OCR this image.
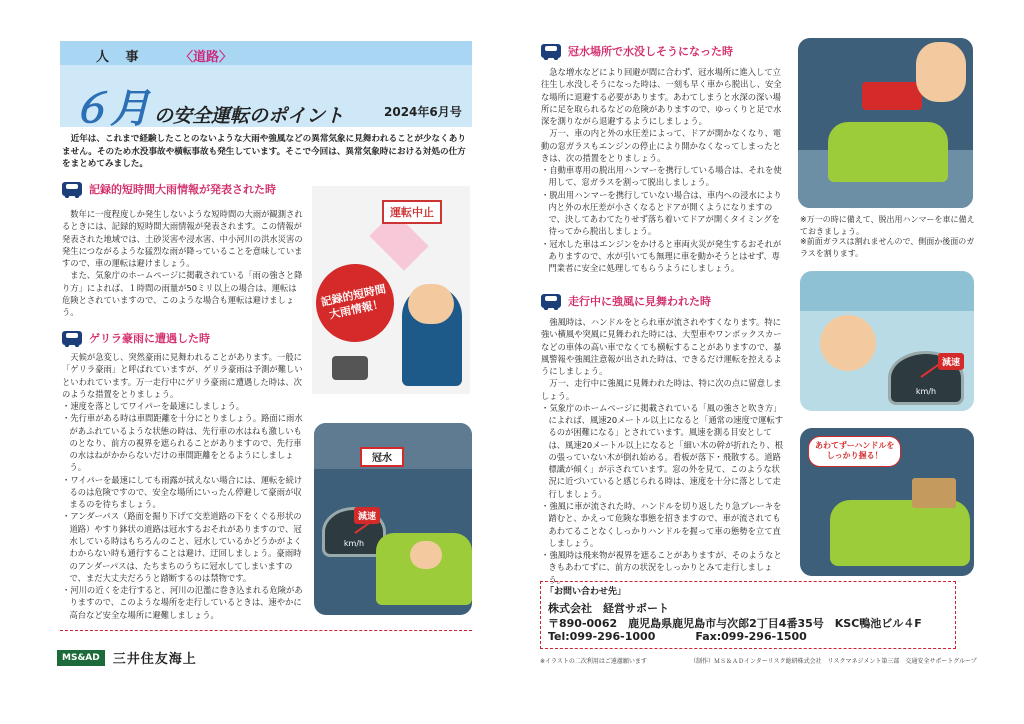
人 事	〈道路〉
６月 の安全運転のポイント	2024年6月号

近年は、これまで経験したことのないような大雨や強風などの異常気象に見舞われることが少なくありません。そのため水没事故や横転事故も発生しています。そこで今回は、異常気象時における対処の仕方をまとめてみました。

記録的短時間大雨情報が発表された時

数年に一度程度しか発生しないような短時間の大雨が観測されるときには、記録的短時間大雨情報が発表されます。この情報が発表された地域では、土砂災害や浸水害、中小河川の洪水災害の発生につながるような猛烈な雨が降っていることを意味していますので、車の運転は避けましょう。

また、気象庁のホームページに掲載されている「雨の強さと降り方」によれば、１時間の雨量が50ミリ以上の場合は、運転は危険とされていますので、このような場合も運転は避けましょう。

運転中止
記録的短時間
大雨情報！
ゲリラ豪雨に遭遇した時

天候が急変し、突然豪雨に見舞われることがあります。一般に「ゲリラ豪雨」と呼ばれていますが、ゲリラ豪雨は予測が難しいといわれています。万一走行中にゲリラ豪雨に遭遇した時は、次のような措置をとりましょう。

・ 速度を落としてワイパーを最速にしましょう。
・ 先行車がある時は車間距離を十分にとりましょう。路面に雨水があふれているような状態の時は、先行車の水はねも激しいものとなり、前方の視界を遮られることがありますので、先行車の水はねがかからないだけの車間距離をとるようにしましょう。
・ ワイパーを最速にしても雨露が拭えない場合には、運転を続けるのは危険ですので、安全な場所にいったん停避して豪雨が収まるのを待ちましょう。
・ アンダーパス（路面を掘り下げて交差道路の下をくぐる形状の道路）やすり鉢状の道路は冠水するおそれがありますので、冠水している時はもちろんのこと、冠水しているかどうかがよくわからない時も通行することは避け、迂回しましょう。豪雨時のアンダーパスは、たちまちのうちに冠水してしまいますので、まだ大丈夫だろうと踏断するのは禁物です。
・ 河川の近くを走行すると、河川の氾濫に巻き込まれる危険がありますので、このような場所を走行しているときは、速やかに高台など安全な場所に避難しましょう。
冠水
km/h
減速
MS&AD	三井住友海上
冠水場所で水没しそうになった時

急な増水などにより回避が間に合わず、冠水場所に進入して立往生し水没しそうになった時は、一刻も早く車から脱出し、安全な場所に退避する必要があります。あわてしまうと水深の深い場所に足を取られるなどの危険がありますので、ゆっくりと足で水深を測りながら退避するようにしましょう。

万一、車の内と外の水圧差によって、ドアが開かなくなり、電動の窓ガラスもエンジンの停止により開かなくなってしまったときは、次の措置をとりましょう。

・ 自動車専用の脱出用ハンマーを携行している場合は、それを使用して、窓ガラスを割って脱出しましょう。
・ 脱出用ハンマーを携行していない場合は、車内への浸水により内と外の水圧差が小さくなるとドアが開くようになりますので、決してあわてたりせず落ち着いてドアが開くタイミングを待ってから脱出しましょう。
・ 冠水した車はエンジンをかけると車両火災が発生するおそれがありますので、水が引いても無理に車を動かそうとはせず、専門業者に安全に処理してもらうようにしましょう。

※万一の時に備えて、脱出用ハンマーを車に備えておきましょう。

※前面ガラスは割れませんので、側面か後面のガラスを割ります。

走行中に強風に見舞われた時

強風時は、ハンドルをとられ車が流されやすくなります。特に強い横風や突風に見舞われた時には、大型車やワンボックスカーなどの車体の高い車でなくても横転することがありますので、暴風警報や強風注意報が出された時は、できるだけ運転を控えるようにしましょう。

万一、走行中に強風に見舞われた時は、特に次の点に留意しましょう。

・ 気象庁のホームページに掲載されている「風の強さと吹き方」によれば、風速20メートル以上になると「通常の速度で運転するのが困難になる」とされています。風速を測る目安としては、風速20メートル以上になると「細い木の幹が折れたり、根の張っていない木が倒れ始める。看板が落下・飛散する。道路標識が傾く」が示されています。窓の外を見て、このような状況に近づいていると感じられる時は、速度を十分に落として走行しましょう。
・ 強風に車が流された時、ハンドルを切り返したり急ブレーキを踏むと、かえって危険な事態を招きますので、車が流されてもあわてることなくしっかりハンドルを握って車の態勢を立て直しましょう。
・ 強風時は飛来物が視界を遮ることがありますが、そのようなときもあわてずに、前方の状況をしっかりとみて走行しましょう。
km/h
減速
あわてずーハンドルを
しっかり握る！
「お問い合わせ先」
株式会社　経営サポート
〒890-0062　鹿児島県鹿児島市与次郎2丁目4番35号　KSC鴨池ビル４F
Tel:099-296-1000	Fax:099-296-1500
※イラストの二次利用はご遠慮願います	（制作）ＭＳ＆ＡＤインターリスク総研株式会社　リスクマネジメント第三部　交通安全サポートグループ
